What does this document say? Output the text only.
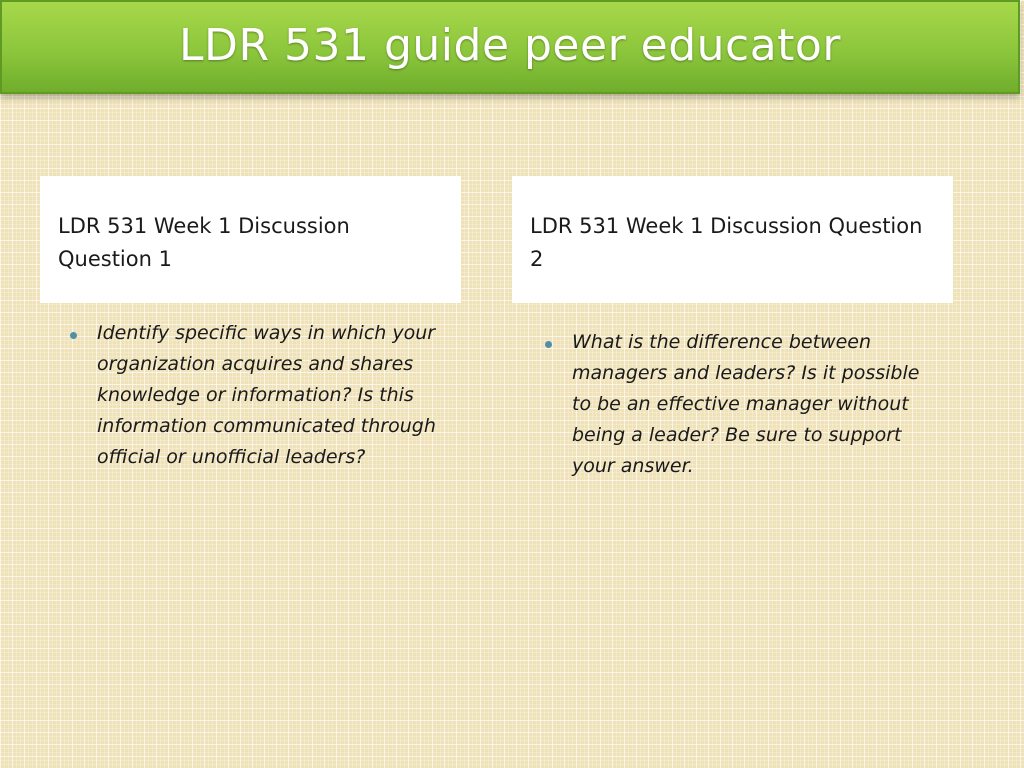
LDR 531 guide peer educator
LDR 531 Week 1 Discussion Question 1
LDR 531 Week 1 Discussion Question 2
Identify specific ways in which your organization acquires and shares knowledge or information? Is this information communicated through official or unofficial leaders?
What is the difference between managers and leaders? Is it possible to be an effective manager without being a leader? Be sure to support your answer.
